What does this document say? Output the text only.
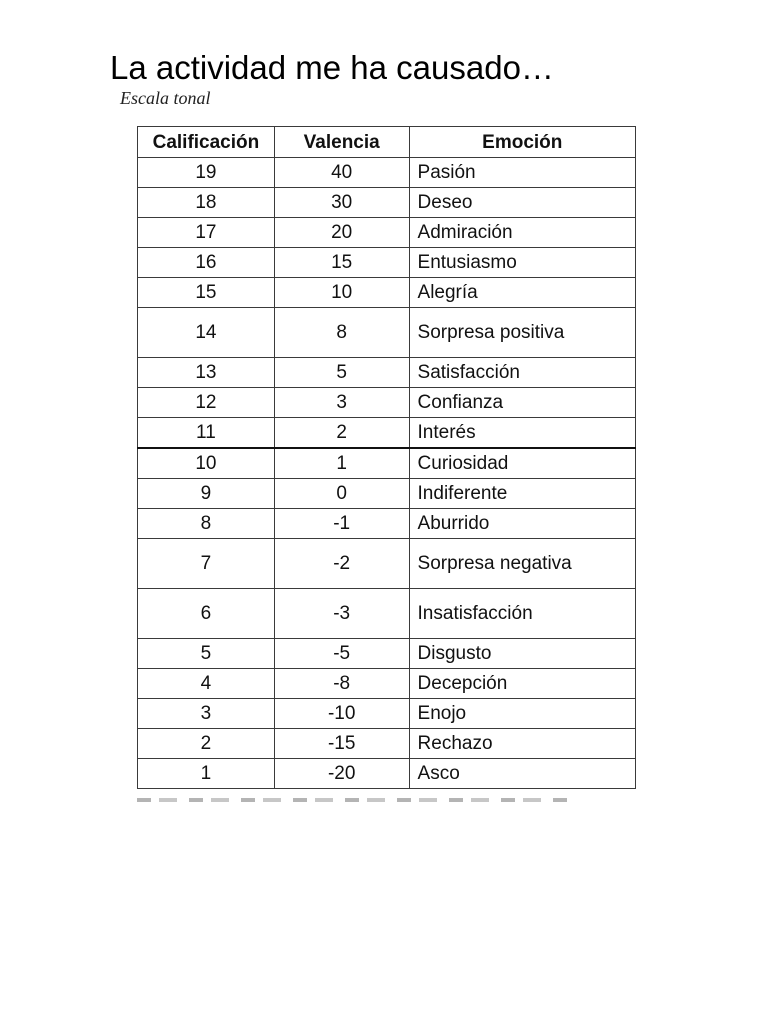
La actividad me ha causado…
Escala tonal
Calificación	Valencia	Emoción
19	40	Pasión
18	30	Deseo
17	20	Admiración
16	15	Entusiasmo
15	10	Alegría
14	8	Sorpresa positiva
13	5	Satisfacción
12	3	Confianza
11	2	Interés
10	1	Curiosidad
9	0	Indiferente
8	-1	Aburrido
7	-2	Sorpresa negativa
6	-3	Insatisfacción
5	-5	Disgusto
4	-8	Decepción
3	-10	Enojo
2	-15	Rechazo
1	-20	Asco
